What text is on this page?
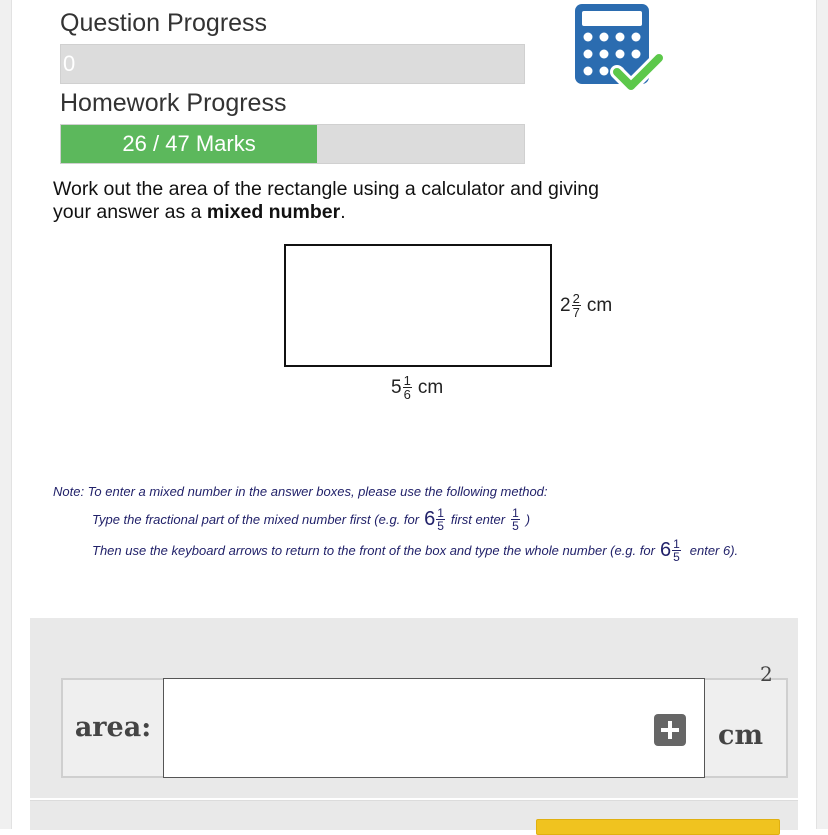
Question Progress
0
Homework Progress
26 / 47 Marks
Work out the area of the rectangle using a calculator and giving your answer as a mixed number.
$2 \frac{2}{7}$ cm
$5 \frac{1}{6}$ cm
Note: To enter a mixed number in the answer boxes, please use the following method:
Type the fractional part of the mixed number first (e.g. for $6 \frac{1}{5}$ first enter $\frac{1}{5}$ )
Then use the keyboard arrows to return to the front of the box and type the whole number (e.g. for $6 \frac{1}{5}$ enter 6).
area:	cm
2
